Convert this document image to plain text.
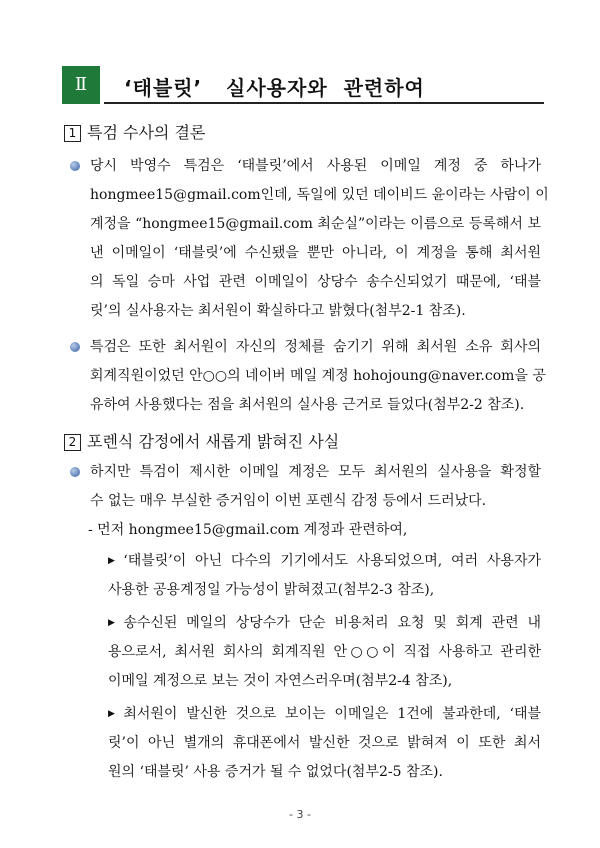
Ⅱ	‘태블릿’   실사용자와  관련하여
1 특검 수사의 결론
당시 박영수 특검은 ‘태블릿’에서 사용된 이메일 계정 중 하나가
hongmee15@gmail.com인데, 독일에 있던 데이비드 윤이라는 사람이 이
계정을 “hongmee15@gmail.com 최순실”이라는 이름으로 등록해서 보
낸 이메일이 ‘태블릿’에 수신됐을 뿐만 아니라, 이 계정을 통해 최서원
의 독일 승마 사업 관련 이메일이 상당수 송수신되었기 때문에, ‘태블
릿’의 실사용자는 최서원이 확실하다고 밝혔다(첨부2-1 참조).
특검은 또한 최서원이 자신의 정체를 숨기기 위해 최서원 소유 회사의
회계직원이었던 안○○의 네이버 메일 계정 hohojoung@naver.com을 공
유하여 사용했다는 점을 최서원의 실사용 근거로 들었다(첨부2-2 참조).
2 포렌식 감정에서 새롭게 밝혀진 사실
하지만 특검이 제시한 이메일 계정은 모두 최서원의 실사용을 확정할
수 없는 매우 부실한 증거임이 이번 포렌식 감정 등에서 드러났다.
- 먼저 hongmee15@gmail.com 계정과 관련하여,
▶ ‘태블릿’이 아닌 다수의 기기에서도 사용되었으며, 여러 사용자가
사용한 공용계정일 가능성이 밝혀졌고(첨부2-3 참조),
▶ 송수신된 메일의 상당수가 단순 비용처리 요청 및 회계 관련 내
용으로서, 최서원 회사의 회계직원 안○○이 직접 사용하고 관리한
이메일 계정으로 보는 것이 자연스러우며(첨부2-4 참조),
▶ 최서원이 발신한 것으로 보이는 이메일은 1건에 불과한데, ‘태블
릿’이 아닌 별개의 휴대폰에서 발신한 것으로 밝혀져 이 또한 최서
원의 ‘태블릿’ 사용 증거가 될 수 없었다(첨부2-5 참조).
- 3 -
